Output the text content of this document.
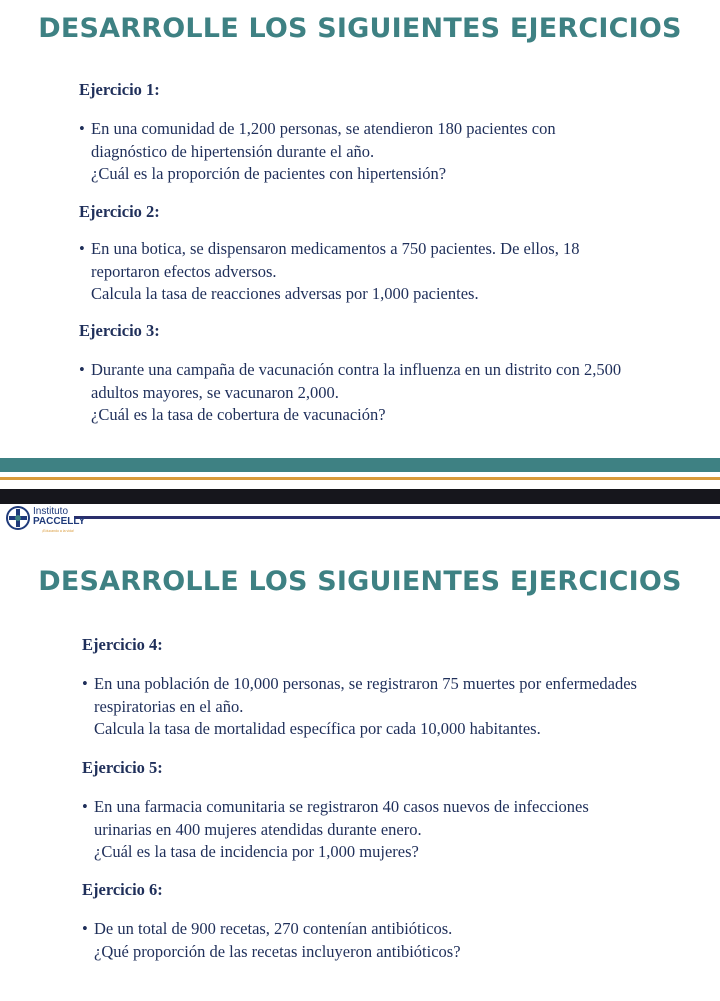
DESARROLLE LOS SIGUIENTES EJERCICIOS
Ejercicio 1:
• En una comunidad de 1,200 personas, se atendieron 180 pacientes con
diagnóstico de hipertensión durante el año.
¿Cuál es la proporción de pacientes con hipertensión?
Ejercicio 2:
• En una botica, se dispensaron medicamentos a 750 pacientes. De ellos, 18
reportaron efectos adversos.
Calcula la tasa de reacciones adversas por 1,000 pacientes.
Ejercicio 3:
• Durante una campaña de vacunación contra la influenza en un distrito con 2,500
adultos mayores, se vacunaron 2,000.
¿Cuál es la tasa de cobertura de vacunación?
Instituto
PACCELLY
¡Educando a la vida!
DESARROLLE LOS SIGUIENTES EJERCICIOS
Ejercicio 4:
• En una población de 10,000 personas, se registraron 75 muertes por enfermedades
respiratorias en el año.
Calcula la tasa de mortalidad específica por cada 10,000 habitantes.
Ejercicio 5:
• En una farmacia comunitaria se registraron 40 casos nuevos de infecciones
urinarias en 400 mujeres atendidas durante enero.
¿Cuál es la tasa de incidencia por 1,000 mujeres?
Ejercicio 6:
• De un total de 900 recetas, 270 contenían antibióticos.
¿Qué proporción de las recetas incluyeron antibióticos?
